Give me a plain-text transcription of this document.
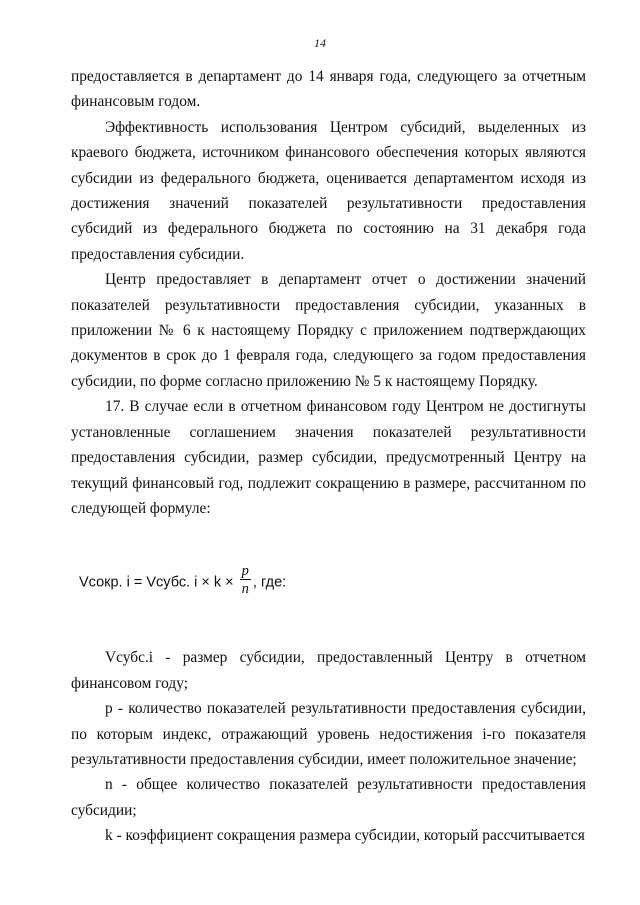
14

предоставляется в департамент до 14 января года, следующего за отчетным финансовым годом.

Эффективность использования Центром субсидий, выделенных из краевого бюджета, источником финансового обеспечения которых являются субсидии из федерального бюджета, оценивается департаментом исходя из достижения значений показателей результативности предоставления субсидий из федерального бюджета по состоянию на 31 декабря года предоставления субсидии.

Центр предоставляет в департамент отчет о достижении значений показателей результативности предоставления субсидии, указанных в приложении № 6 к настоящему Порядку с приложением подтверждающих документов в срок до 1 февраля года, следующего за годом предоставления субсидии, по форме согласно приложению № 5 к настоящему Порядку.

17. В случае если в отчетном финансовом году Центром не достигнуты установленные соглашением значения показателей результативности предоставления субсидии, размер субсидии, предусмотренный Центру на текущий финансовый год, подлежит сокращению в размере, рассчитанном по следующей формуле:

Vсокр. i = Vсубс. $i \times k \times \frac{p}{n}$ , где:

Vсубс.i - размер субсидии, предоставленный Центру в отчетном финансовом году;

p - количество показателей результативности предоставления субсидии, по которым индекс, отражающий уровень недостижения i-го показателя результативности предоставления субсидии, имеет положительное значение;

n - общее количество показателей результативности предоставления субсидии;

k - коэффициент сокращения размера субсидии, который рассчитывается
